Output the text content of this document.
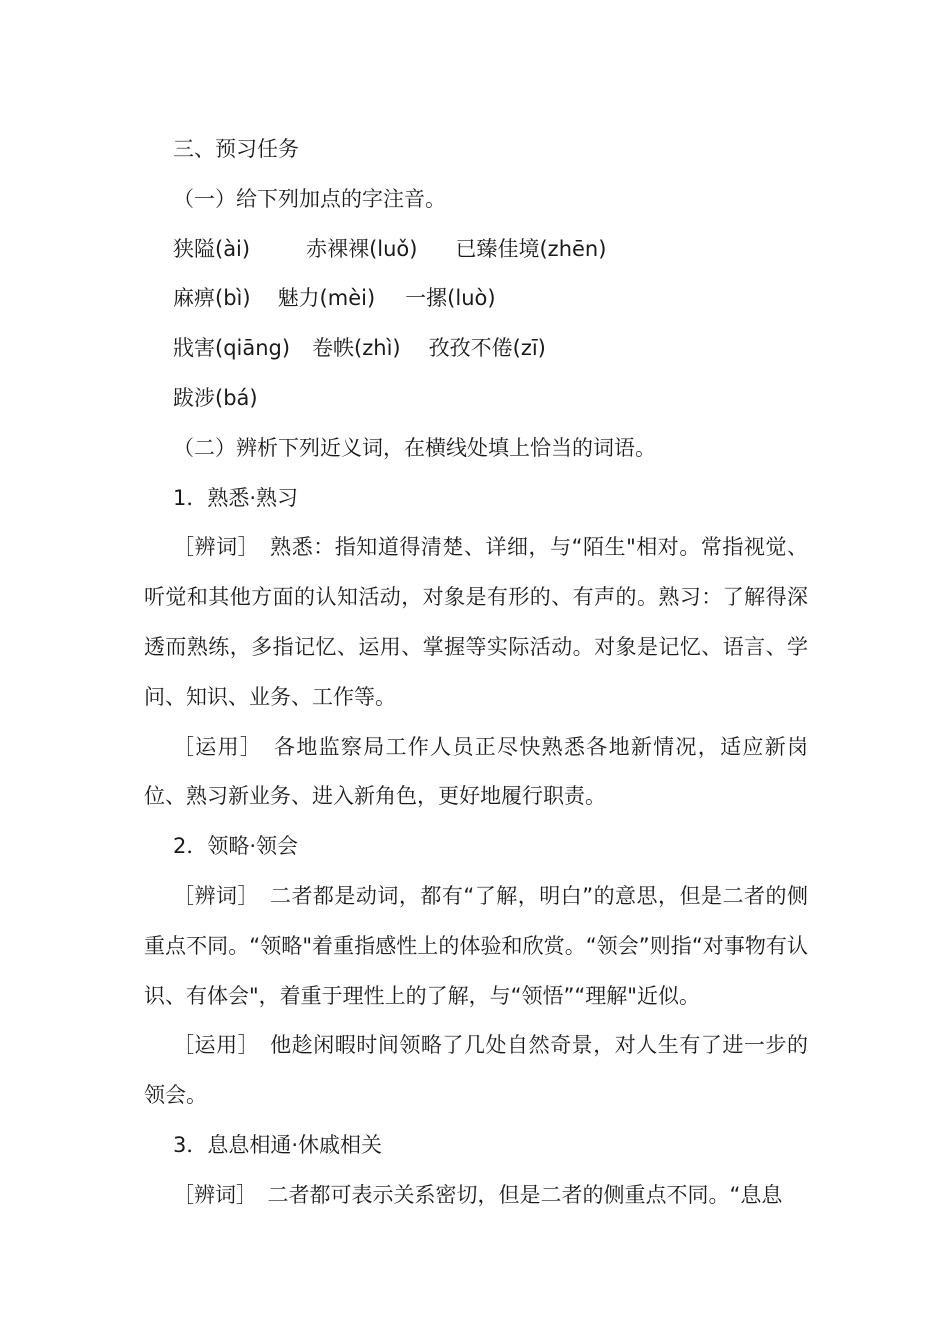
三、预习任务
（一）给下列加点的字注音。
狭隘(ài)	赤裸裸(luǒ) 已臻佳境(zhēn)
麻痹(bì) 魅力(mèi) 一摞(luò)
戕害(qiāng) 卷帙(zhì) 孜孜不倦(zī)
跋涉(bá)
（二）辨析下列近义词，在横线处填上恰当的词语。
1．熟悉·熟习

［辨词］　熟悉：指知道得清楚、详细，与“陌生"相对。常指视觉、听觉和其他方面的认知活动，对象是有形的、有声的。熟习：了解得深透而熟练，多指记忆、运用、掌握等实际活动。对象是记忆、语言、学问、知识、业务、工作等。

［运用］　各地监察局工作人员正尽快熟悉各地新情况，适应新岗位、熟习新业务、进入新角色，更好地履行职责。

2．领略·领会

［辨词］　二者都是动词，都有“了解，明白”的意思，但是二者的侧重点不同。“领略"着重指感性上的体验和欣赏。“领会”则指“对事物有认识、有体会"，着重于理性上的了解，与“领悟”“理解"近似。

［运用］　他趁闲暇时间领略了几处自然奇景，对人生有了进一步的领会。

3．息息相通·休戚相关

［辨词］　二者都可表示关系密切，但是二者的侧重点不同。“息息
